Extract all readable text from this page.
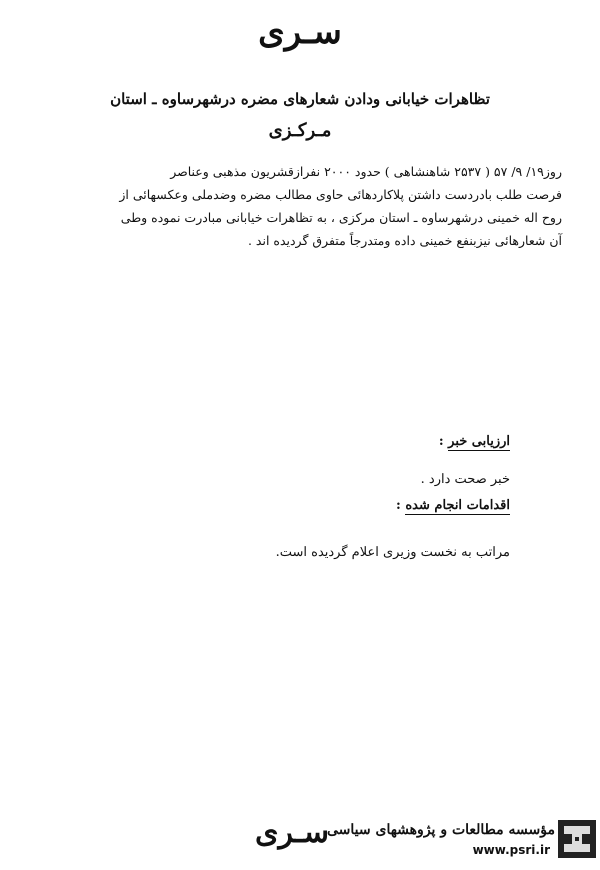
سـرى
تظاهرات خیابانی ودادن شعارهای مضره درشهرساوه ـ استان
مـرکـزی
روز۱۹/ ۹/ ۵۷ ( ۲۵۳۷ شاهنشاهی ) حدود ۲۰۰۰ نفرازقشریون مذهبی وعناصر
فرصت طلب بادردست داشتن پلاکاردهائی حاوی مطالب مضره وضدملی وعکسهائی از
روح اله خمینی درشهرساوه ـ استان مرکزی ، به تظاهرات خیابانی مبادرت نموده وطی
آن شعارهائی نیزبنفع خمینی داده ومتدرجاً متفرق گردیده اند .
ارزیابی خبر :
خبر صحت دارد .
اقدامات انجام شده :
مراتب به نخست وزیری اعلام گردیده است.
سـرى
مؤسسه مطالعات و پژوهشهای سیاسی
www.psri.ir
